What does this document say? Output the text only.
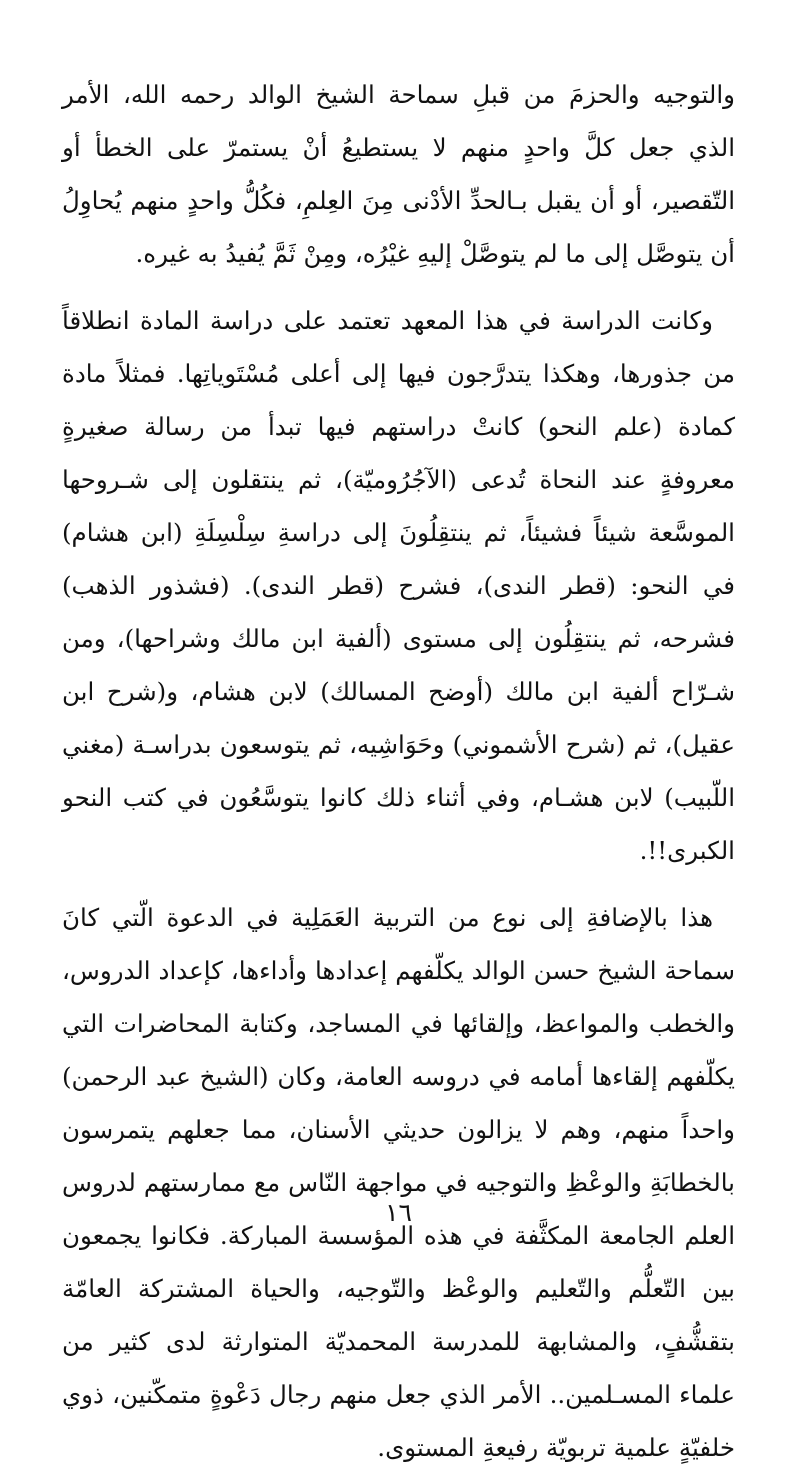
والتوجيه والحزمَ من قبلِ سماحة الشيخ الوالد رحمه الله، الأمر الذي جعل كلَّ واحدٍ منهم لا يستطيعُ أنْ يستمرّ على الخطأ أو التّقصير، أو أن يقبل بـالحدِّ الأدْنى مِنَ العِلمِ، فكُلُّ واحدٍ منهم يُحاوِلُ أن يتوصَّل إلى ما لم يتوصَّلْ إليهِ غيْرُه، ومِنْ ثَمَّ يُفيدُ به غيره.

وكانت الدراسة في هذا المعهد تعتمد على دراسة المادة انطلاقاً من جذورها، وهكذا يتدرَّجون فيها إلى أعلى مُسْتَوياتِها. فمثلاً مادة كمادة (علم النحو) كانتْ دراستهم فيها تبدأ من رسالة صغيرةٍ معروفةٍ عند النحاة تُدعى (الآجُرُوميّة)، ثم ينتقلون إلى شـروحها الموسَّعة شيئاً فشيئاً، ثم ينتقِلُونَ إلى دراسةِ سِلْسِلَةِ (ابن هشام) في النحو: (قطر الندى)، فشرح (قطر الندى). (فشذور الذهب) فشرحه، ثم ينتقِلُون إلى مستوى (ألفية ابن مالك وشراحها)، ومن شـرّاح ألفية ابن مالك (أوضح المسالك) لابن هشام، و(شرح ابن عقيل)، ثم (شرح الأشموني) وحَوَاشِيه، ثم يتوسعون بدراسـة (مغني اللّبيب) لابن هشـام، وفي أثناء ذلك كانوا يتوسَّعُون في كتب النحو الكبرى!!.

هذا بالإضافةِ إلى نوع من التربية العَمَلِية في الدعوة الّتي كانَ سماحة الشيخ حسن الوالد يكلّفهم إعدادها وأداءها، كإعداد الدروس، والخطب والمواعظ، وإلقائها في المساجد، وكتابة المحاضرات التي يكلّفهم إلقاءها أمامه في دروسه العامة، وكان (الشيخ عبد الرحمن) واحداً منهم، وهم لا يزالون حديثي الأسنان، مما جعلهم يتمرسون بالخطابَةِ والوعْظِ والتوجيه في مواجهة النّاس مع ممارستهم لدروس العلم الجامعة المكثَّفة في هذه المؤسسة المباركة. فكانوا يجمعون بين التّعلُّم والتّعليم والوعْظ والتّوجيه، والحياة المشتركة العامّة بتقشُّفٍ، والمشابهة للمدرسة المحمديّة المتوارثة لدى كثير من علماء المسـلمين.. الأمر الذي جعل منهم رجال دَعْوةٍ متمكّنين، ذوي خلفيّةٍ علمية تربويّة رفيعةِ المستوى.

١٦
